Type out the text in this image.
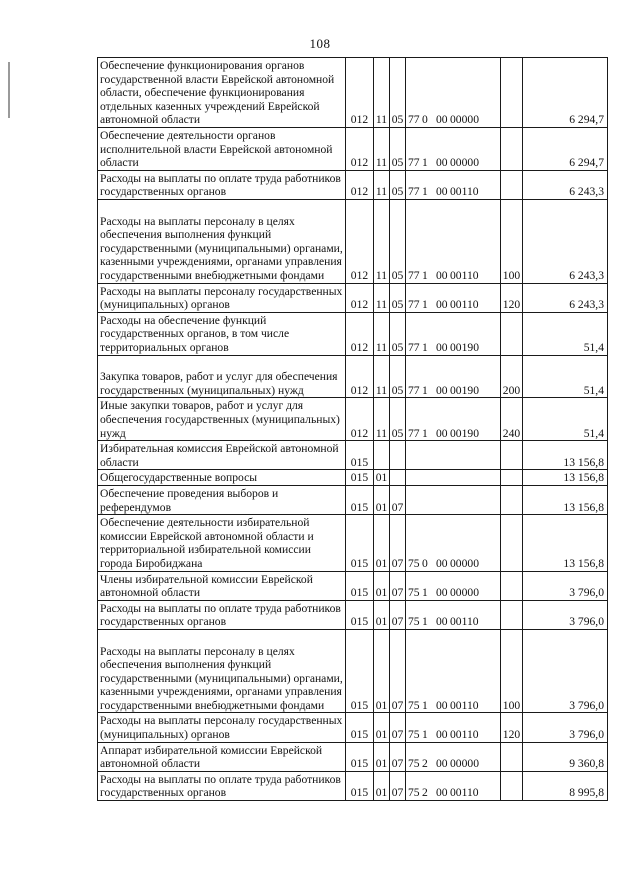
108
Обеспечение функционирования органов государственной власти Еврейской автономной области, обеспечение функционирования отдельных казенных учреждений Еврейской автономной области	012	11	05	77 0 00 00000		6 294,7
Обеспечение деятельности органов исполнительной власти Еврейской автономной области	012	11	05	77 1 00 00000		6 294,7
Расходы на выплаты по оплате труда работников государственных органов	012	11	05	77 1 00 00110		6 243,3
Расходы на выплаты персоналу в целях обеспечения выполнения функций государственными (муниципальными) органами, казенными учреждениями, органами управления государственными внебюджетными фондами	012	11	05	77 1 00 00110	100	6 243,3
Расходы на выплаты персоналу государственных (муниципальных) органов	012	11	05	77 1 00 00110	120	6 243,3
Расходы на обеспечение функций государственных органов, в том числе территориальных органов	012	11	05	77 1 00 00190		51,4
Закупка товаров, работ и услуг для обеспечения государственных (муниципальных) нужд	012	11	05	77 1 00 00190	200	51,4
Иные закупки товаров, работ и услуг для обеспечения государственных (муниципальных) нужд	012	11	05	77 1 00 00190	240	51,4
Избирательная комиссия Еврейской автономной области	015					13 156,8
Общегосударственные вопросы	015	01				13 156,8
Обеспечение проведения выборов и референдумов	015	01	07			13 156,8
Обеспечение деятельности избирательной комиссии Еврейской автономной области и территориальной избирательной комиссии города Биробиджана	015	01	07	75 0 00 00000		13 156,8
Члены избирательной комиссии Еврейской автономной области	015	01	07	75 1 00 00000		3 796,0
Расходы на выплаты по оплате труда работников государственных органов	015	01	07	75 1 00 00110		3 796,0
Расходы на выплаты персоналу в целях обеспечения выполнения функций государственными (муниципальными) органами, казенными учреждениями, органами управления государственными внебюджетными фондами	015	01	07	75 1 00 00110	100	3 796,0
Расходы на выплаты персоналу государственных (муниципальных) органов	015	01	07	75 1 00 00110	120	3 796,0
Аппарат избирательной комиссии Еврейской автономной области	015	01	07	75 2 00 00000		9 360,8
Расходы на выплаты по оплате труда работников государственных органов	015	01	07	75 2 00 00110		8 995,8
